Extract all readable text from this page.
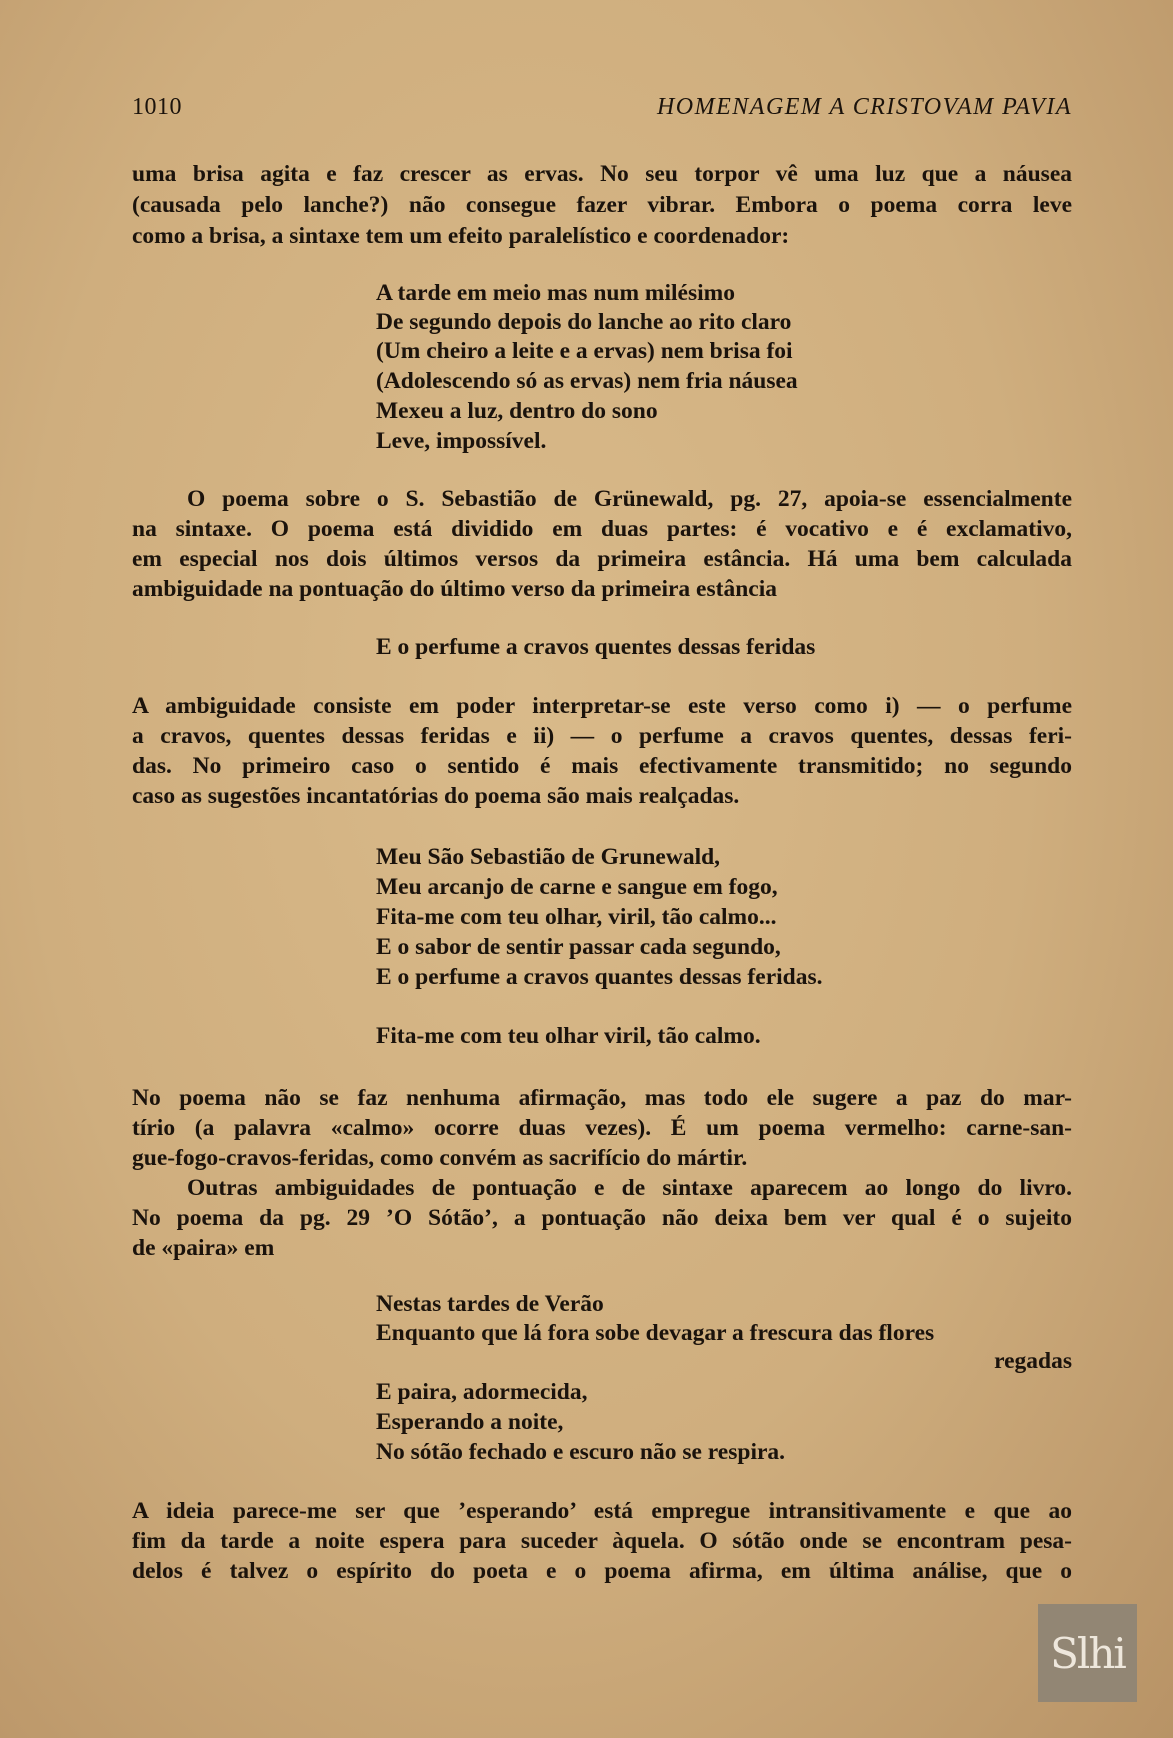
1010	HOMENAGEM A CRISTOVAM PAVIA
uma brisa agita e faz crescer as ervas. No seu torpor vê uma luz que a náusea
(causada pelo lanche?) não consegue fazer vibrar. Embora o poema corra leve
como a brisa, a sintaxe tem um efeito paralelístico e coordenador:
A tarde em meio mas num milésimo
De segundo depois do lanche ao rito claro
(Um cheiro a leite e a ervas) nem brisa foi
(Adolescendo só as ervas) nem fria náusea
Mexeu a luz, dentro do sono
Leve, impossível.
O poema sobre o S. Sebastião de Grünewald, pg. 27, apoia-se essencialmente
na sintaxe. O poema está dividido em duas partes: é vocativo e é exclamativo,
em especial nos dois últimos versos da primeira estância. Há uma bem calculada
ambiguidade na pontuação do último verso da primeira estância
E o perfume a cravos quentes dessas feridas
A ambiguidade consiste em poder interpretar-se este verso como i) — o perfume
a cravos, quentes dessas feridas e ii) — o perfume a cravos quentes, dessas feri-
das. No primeiro caso o sentido é mais efectivamente transmitido; no segundo
caso as sugestões incantatórias do poema são mais realçadas.
Meu São Sebastião de Grunewald,
Meu arcanjo de carne e sangue em fogo,
Fita-me com teu olhar, viril, tão calmo...
E o sabor de sentir passar cada segundo,
E o perfume a cravos quantes dessas feridas.
Fita-me com teu olhar viril, tão calmo.
No poema não se faz nenhuma afirmação, mas todo ele sugere a paz do mar-
tírio (a palavra «calmo» ocorre duas vezes). É um poema vermelho: carne-san-
gue-fogo-cravos-feridas, como convém as sacrifício do mártir.
Outras ambiguidades de pontuação e de sintaxe aparecem ao longo do livro.
No poema da pg. 29 ’O Sótão’, a pontuação não deixa bem ver qual é o sujeito
de «paira» em
Nestas tardes de Verão
Enquanto que lá fora sobe devagar a frescura das flores
regadas
E paira, adormecida,
Esperando a noite,
No sótão fechado e escuro não se respira.
A ideia parece-me ser que ’esperando’ está empregue intransitivamente e que ao
fim da tarde a noite espera para suceder àquela. O sótão onde se encontram pesa-
delos é talvez o espírito do poeta e o poema afirma, em última análise, que o
Slhi
